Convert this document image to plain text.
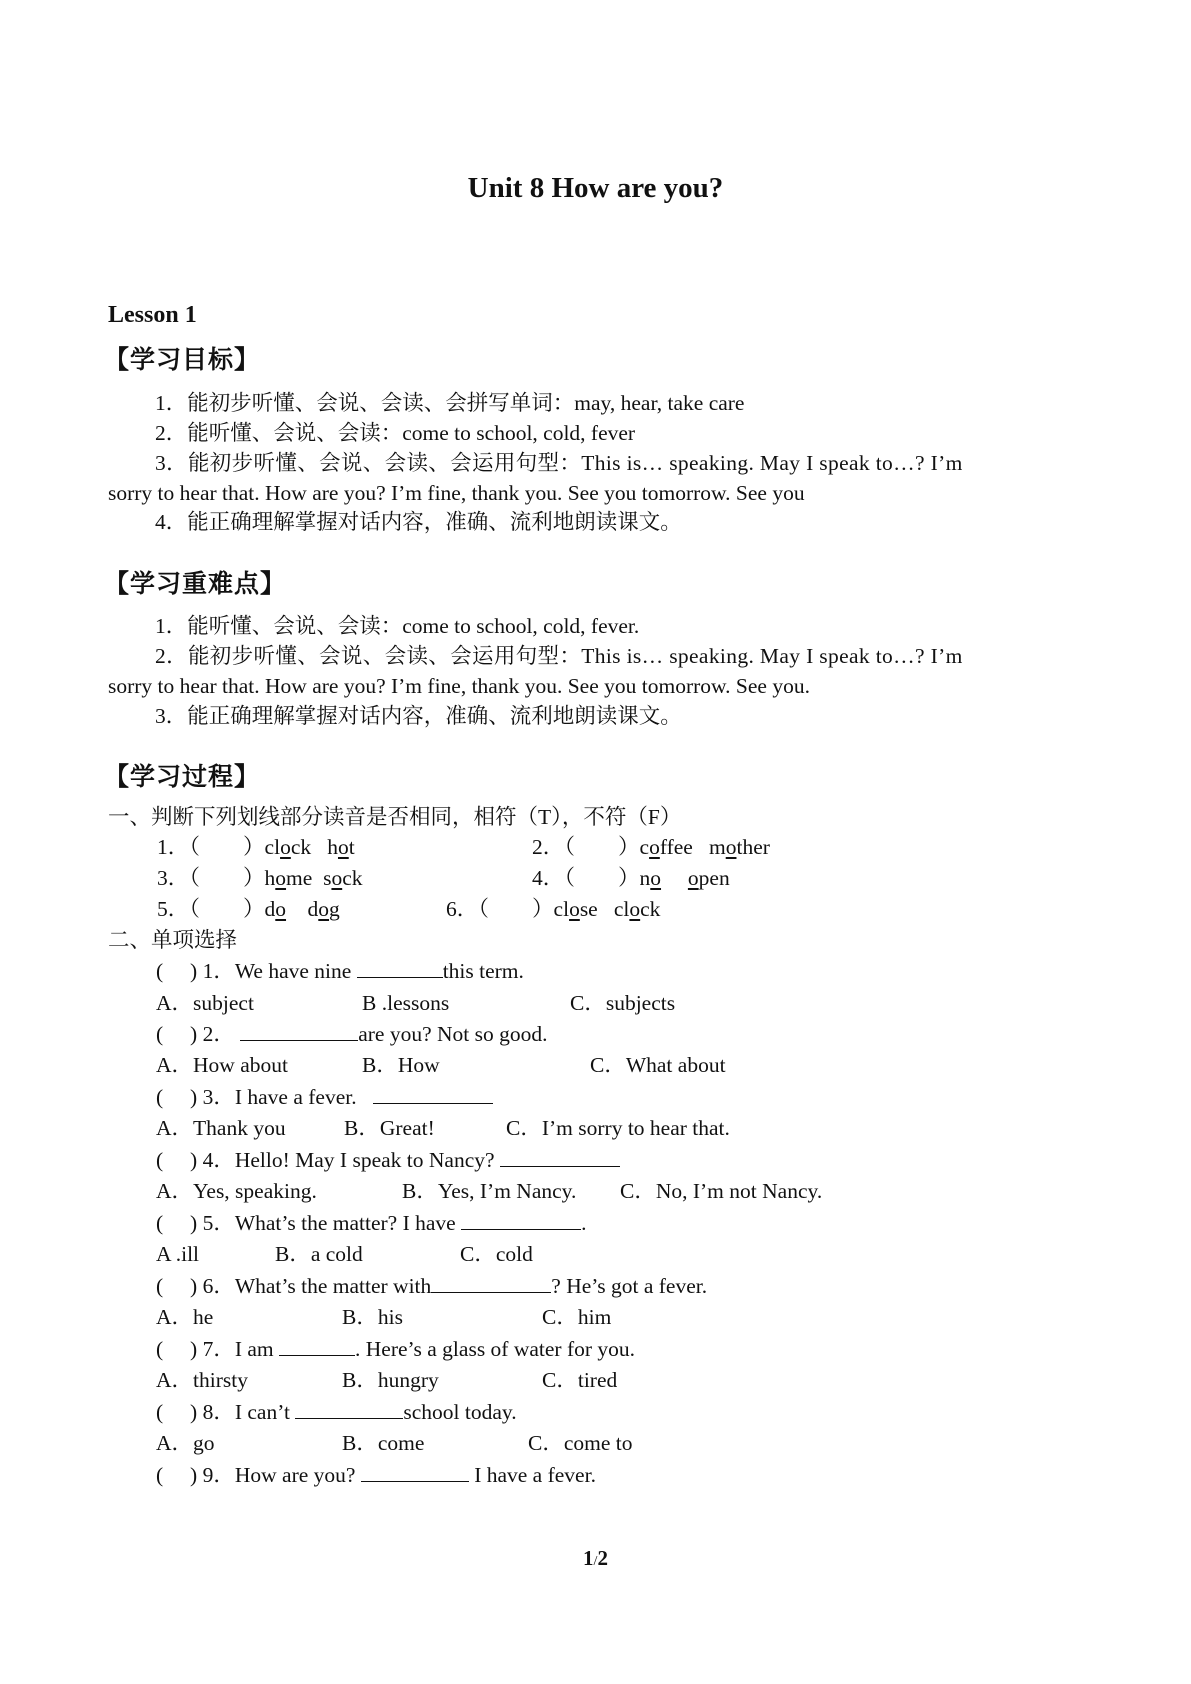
Unit 8 How are you?
Lesson 1
【学习目标】
1．能初步听懂、会说、会读、会拼写单词：may, hear, take care
2．能听懂、会说、会读：come to school, cold, fever
3．能初步听懂、会说、会读、会运用句型：This is… speaking. May I speak to…? I’m
sorry to hear that. How are you? I’m fine, thank you. See you tomorrow. See you
4．能正确理解掌握对话内容，准确、流利地朗读课文。
【学习重难点】
1．能听懂、会说、会读：come to school, cold, fever.
2．能初步听懂、会说、会读、会运用句型：This is… speaking. May I speak to…? I’m
sorry to hear that. How are you? I’m fine, thank you. See you tomorrow. See you.
3．能正确理解掌握对话内容，准确、流利地朗读课文。
【学习过程】
一、判断下列划线部分读音是否相同，相符（T），不符（F）
1．（　　）clock hot	2．（　　）coffee mother
3．（　　）home sock	4．（　　）no open
5．（　　）do dog	6．（　　）close clock
二、单项选择
(     ) 1．We have nine	this term.
A．subject	B .lessons	C．subjects
(     ) 2．	are you? Not so good.
A．How about	B．How	C．What about
(     ) 3．I have a fever.
A．Thank you	B．Great!	C．I’m sorry to hear that.
(     ) 4．Hello! May I speak to Nancy?
A．Yes, speaking.	B．Yes, I’m Nancy. C．No, I’m not Nancy.
(     ) 5．What’s the matter? I have	.
A .ill	B．a cold	C．cold
(     ) 6．What’s the matter with	? He’s got a fever.
A．he	B．his	C．him
(     ) 7．I am	. Here’s a glass of water for you.
A．thirsty	B．hungry	C．tired
(     ) 8．I can’t	school today.
A．go	B．come	C．come to
(     ) 9．How are you?	I have a fever.
1/2
